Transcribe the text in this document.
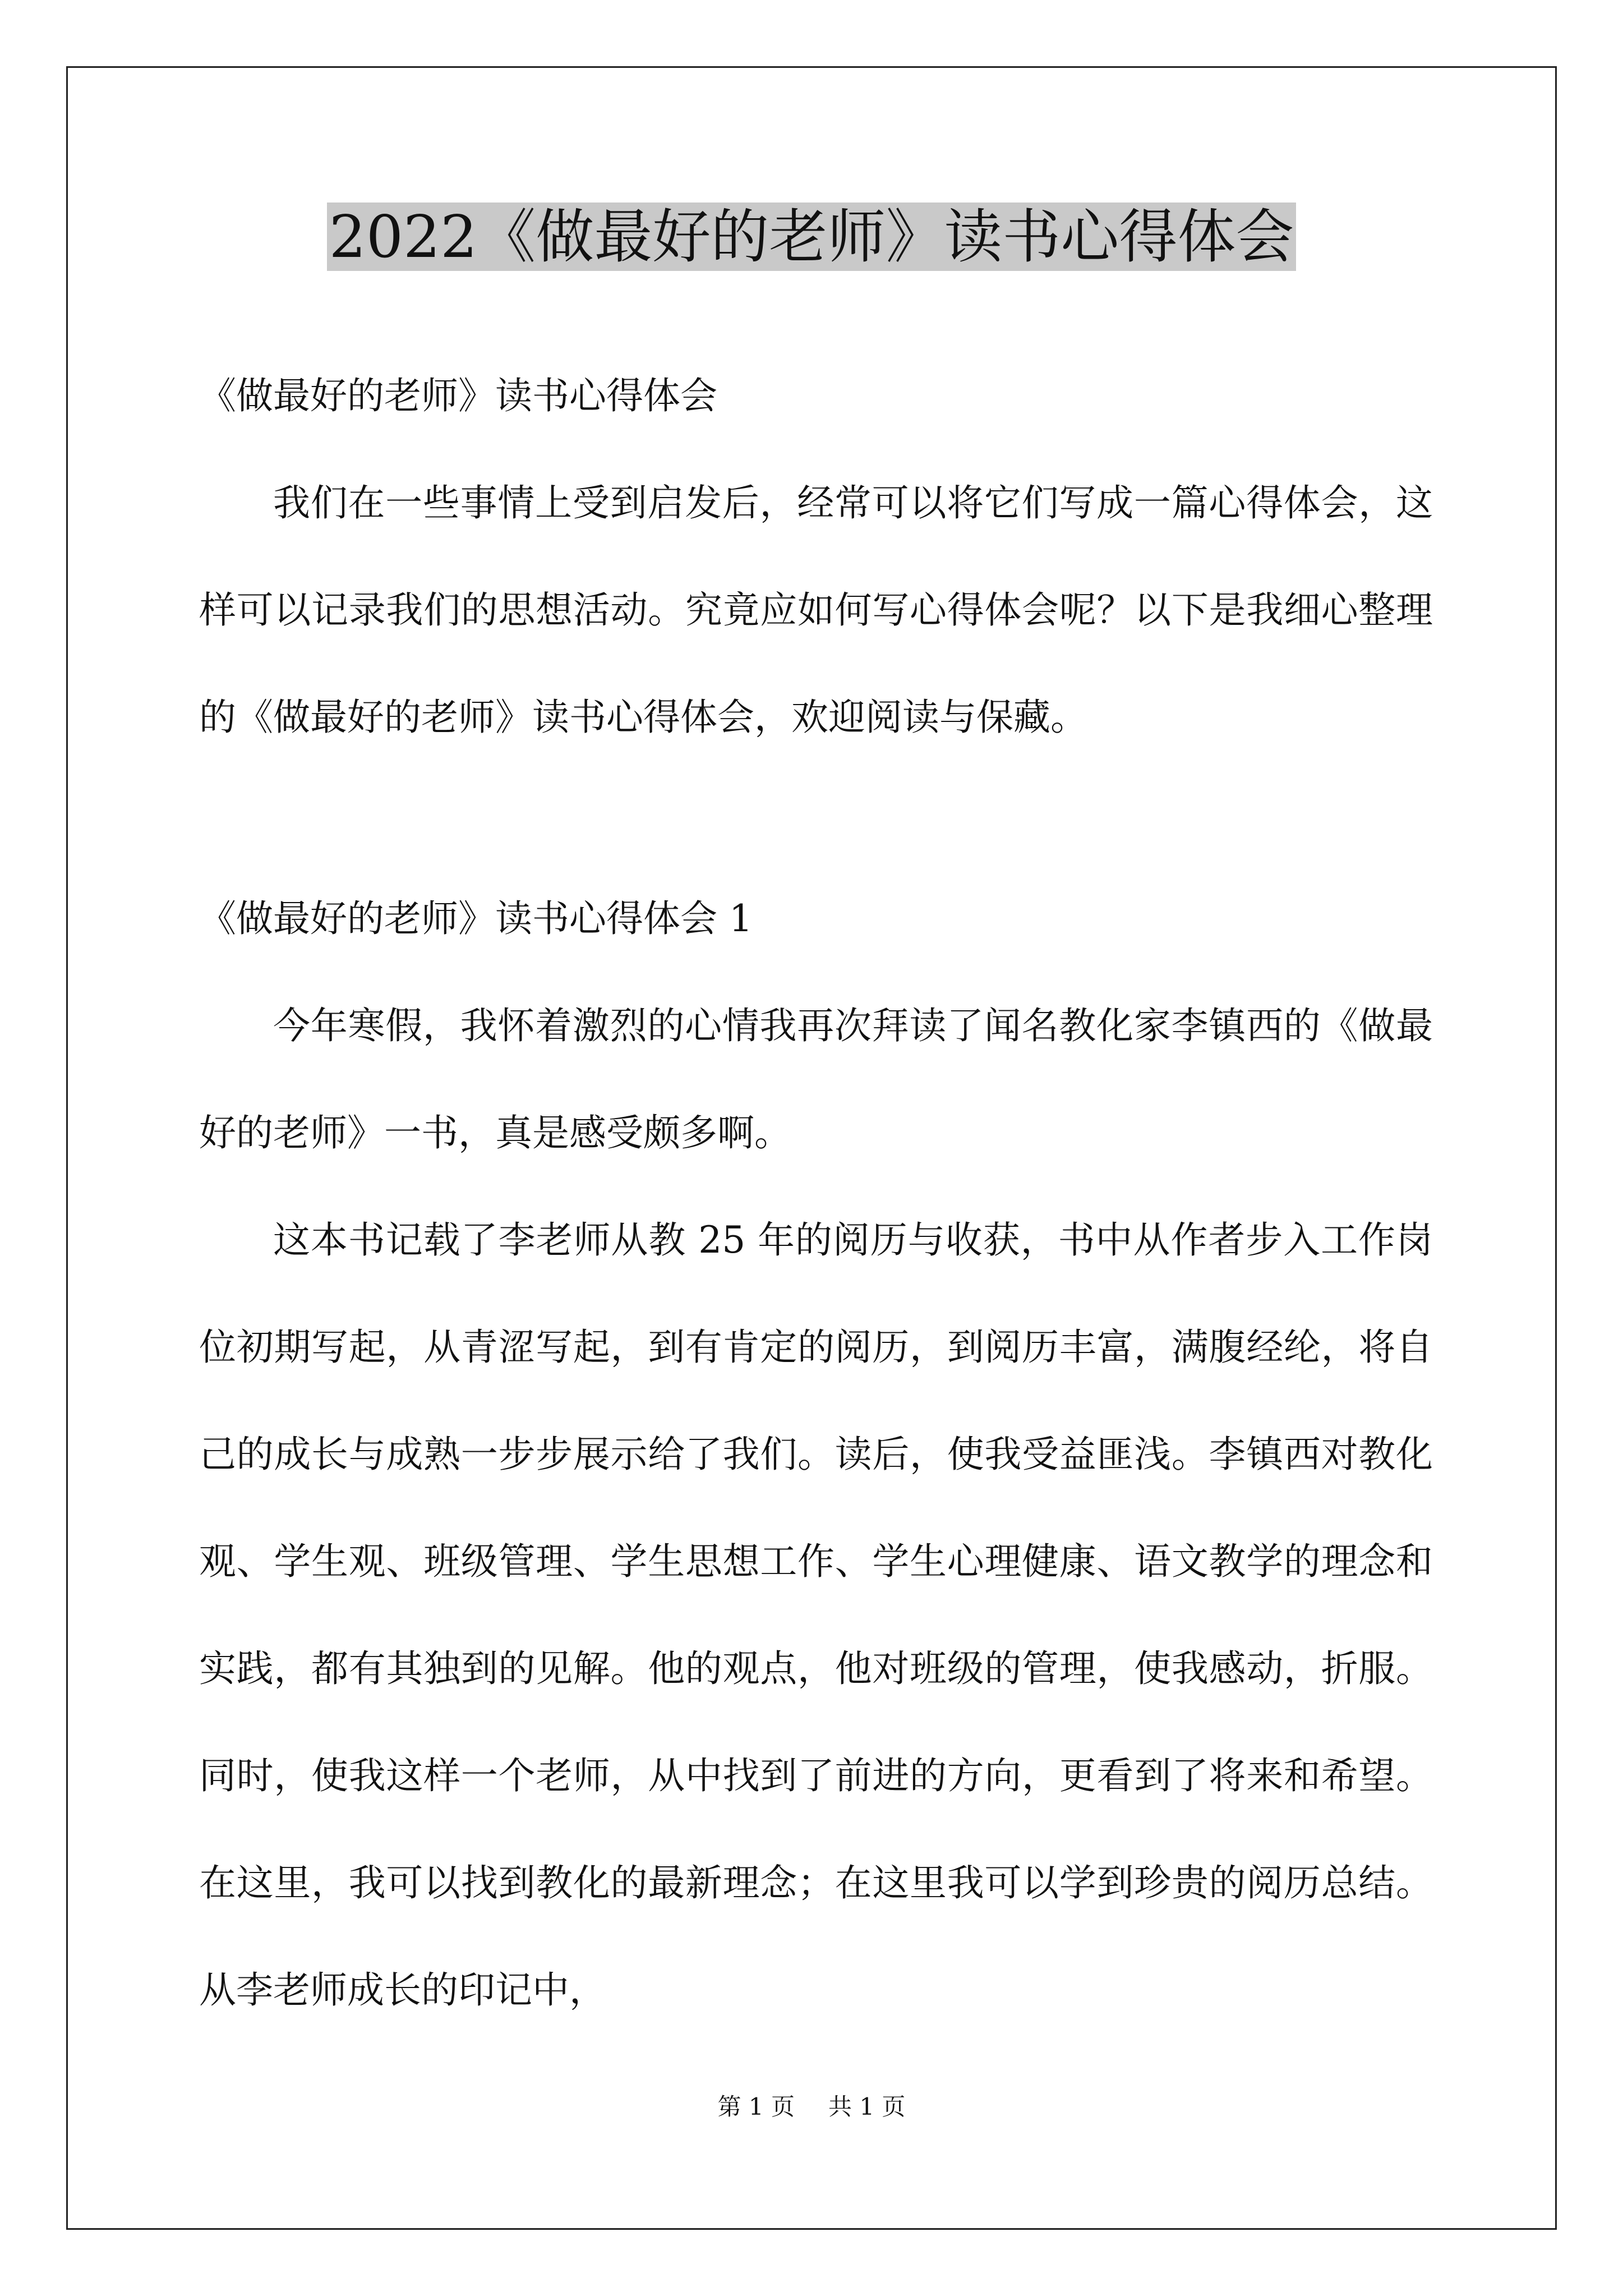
2022《做最好的老师》读书心得体会

《做最好的老师》读书心得体会

我们在一些事情上受到启发后，经常可以将它们写成一篇心得体会，这样可以记录我们的思想活动。究竟应如何写心得体会呢？以下是我细心整理的《做最好的老师》读书心得体会，欢迎阅读与保藏。

《做最好的老师》读书心得体会 1

今年寒假，我怀着激烈的心情我再次拜读了闻名教化家李镇西的《做最好的老师》一书，真是感受颇多啊。

这本书记载了李老师从教 25 年的阅历与收获，书中从作者步入工作岗位初期写起，从青涩写起，到有肯定的阅历，到阅历丰富，满腹经纶，将自己的成长与成熟一步步展示给了我们。读后，使我受益匪浅。李镇西对教化观、学生观、班级管理、学生思想工作、学生心理健康、语文教学的理念和实践，都有其独到的见解。他的观点，他对班级的管理，使我感动，折服。同时，使我这样一个老师，从中找到了前进的方向，更看到了将来和希望。在这里，我可以找到教化的最新理念；在这里我可以学到珍贵的阅历总结。从李老师成长的印记中，

第 1 页 共 1 页
